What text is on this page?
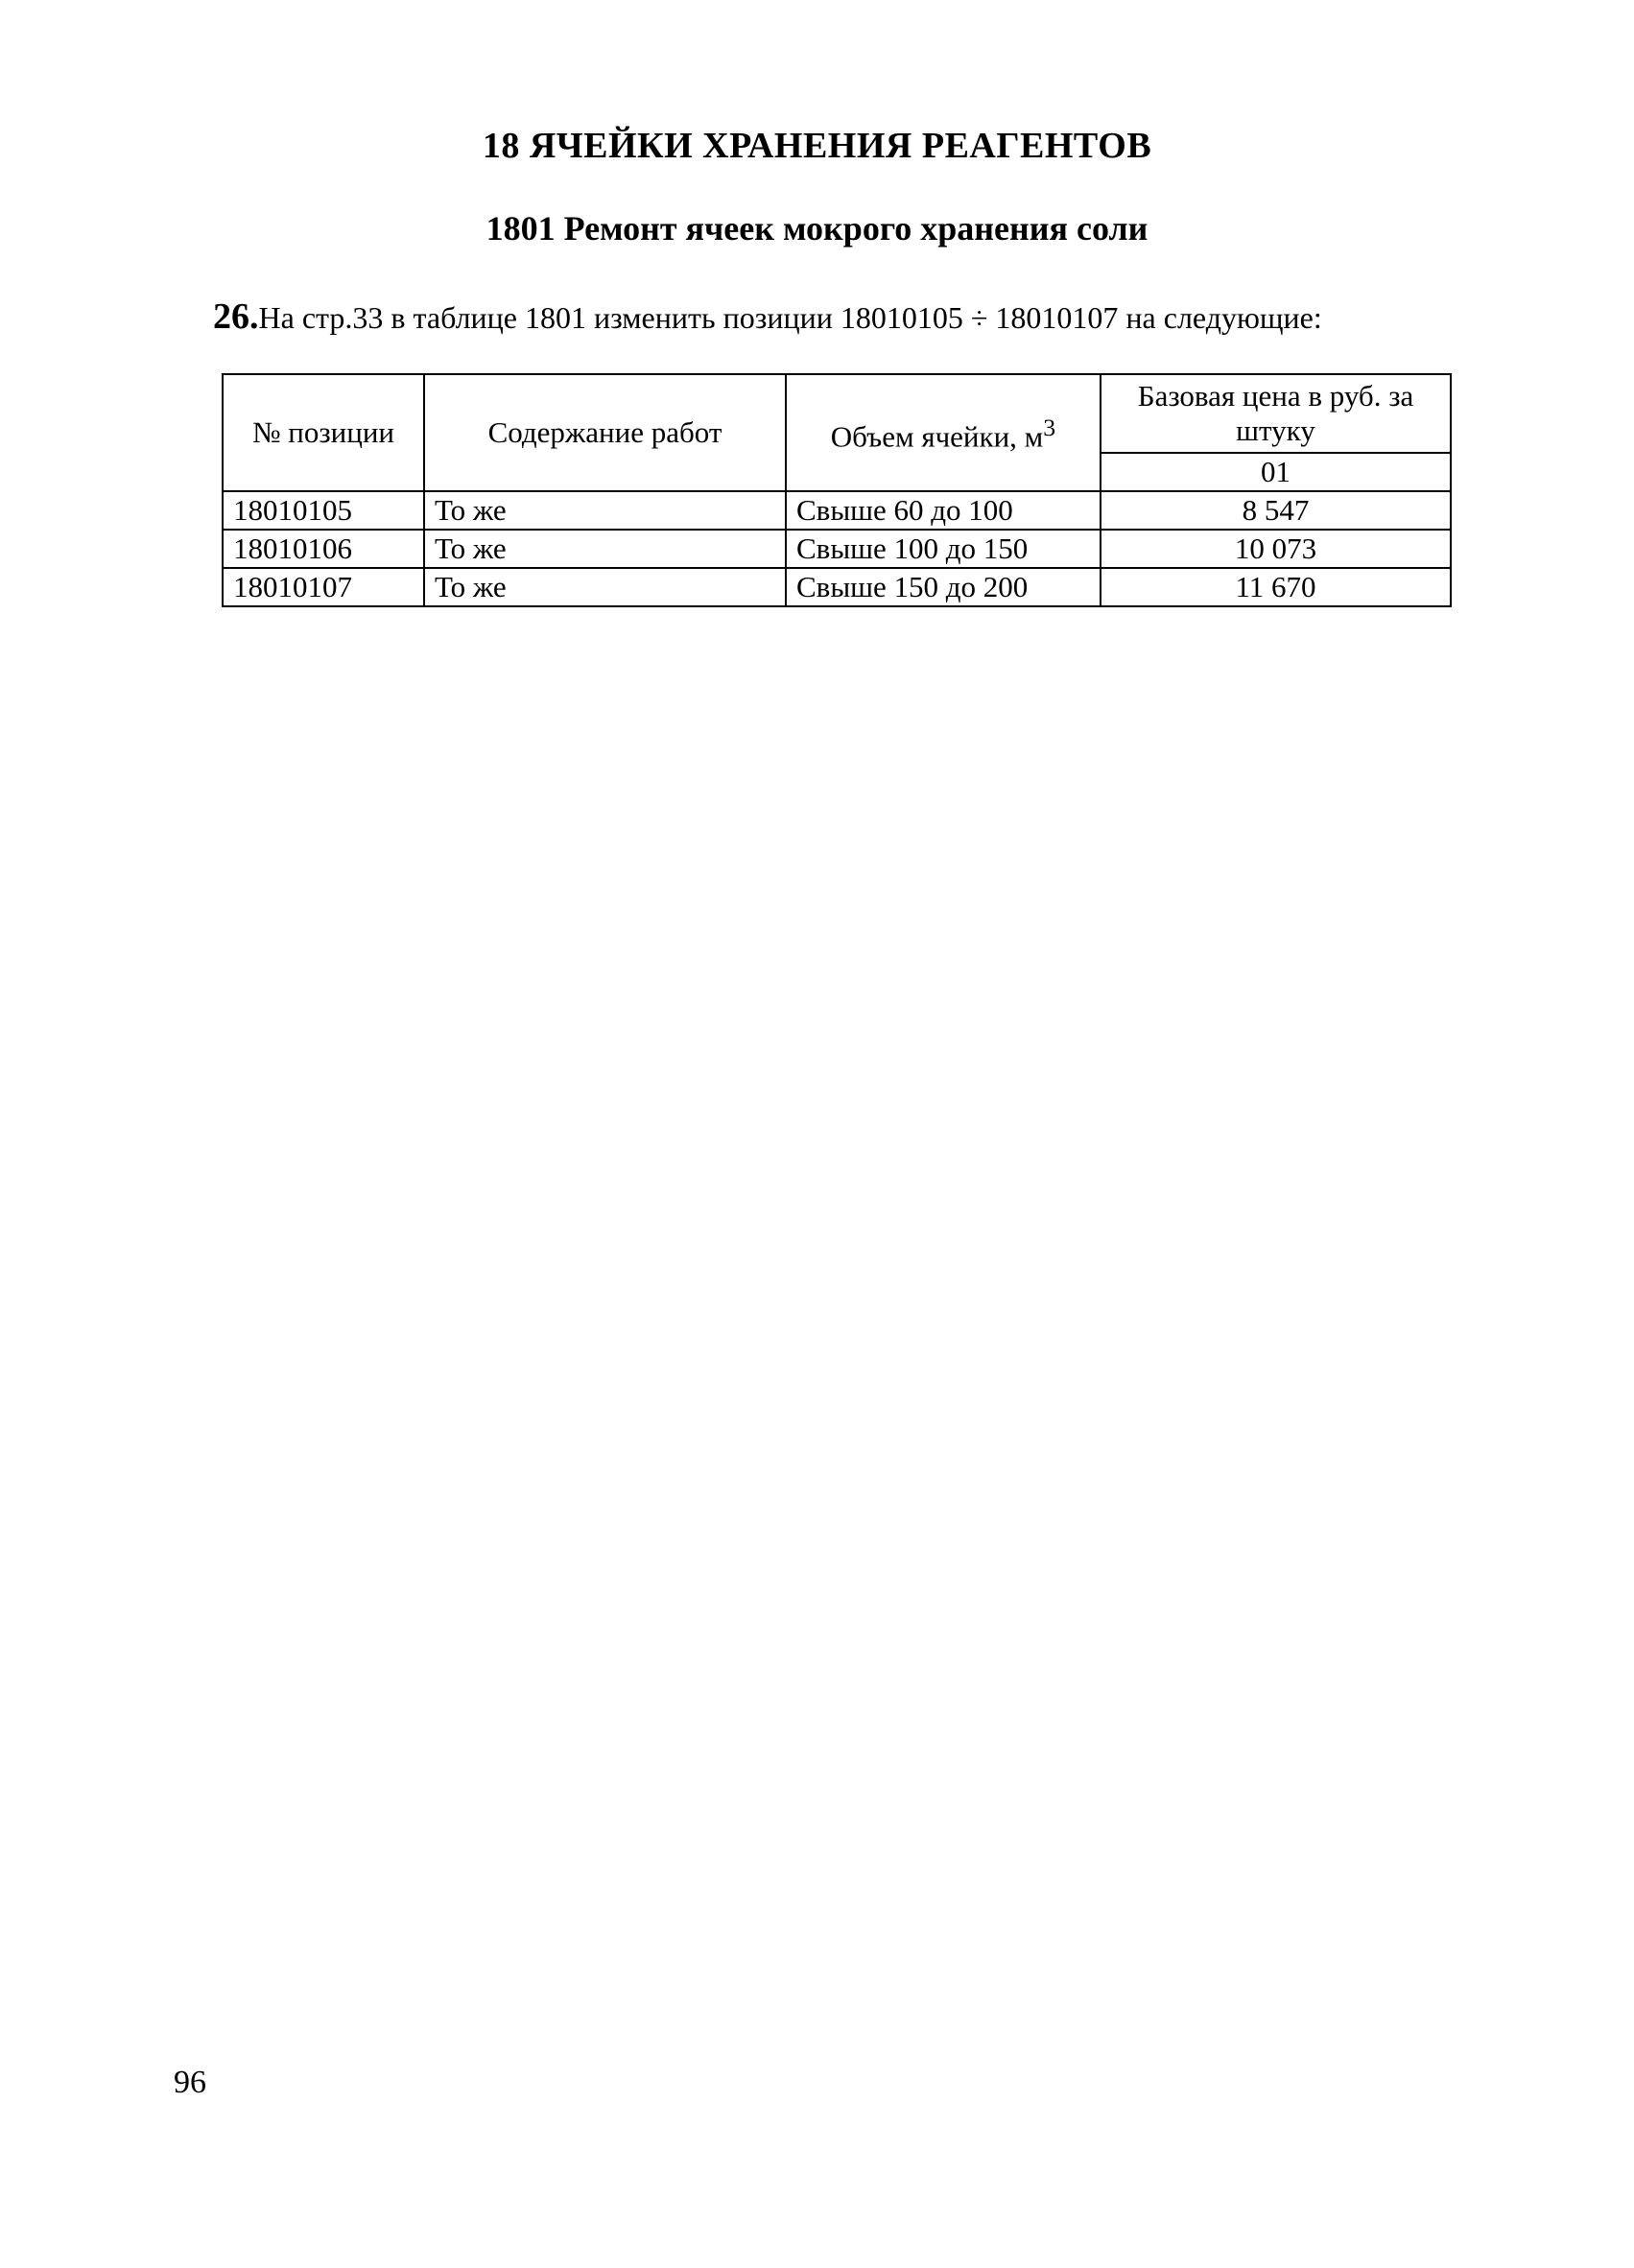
18 ЯЧЕЙКИ ХРАНЕНИЯ РЕАГЕНТОВ
1801 Ремонт ячеек мокрого хранения соли

26.На стр.33 в таблице 1801 изменить позиции 18010105 ÷ 18010107 на следующие:

№ позиции	Содержание работ	Объем ячейки, $м^3$	Базовая цена в руб. за штуку
			01
18010105	То же	Свыше 60 до 100	8 547
18010106	То же	Свыше 100 до 150	10 073
18010107	То же	Свыше 150 до 200	11 670

96
